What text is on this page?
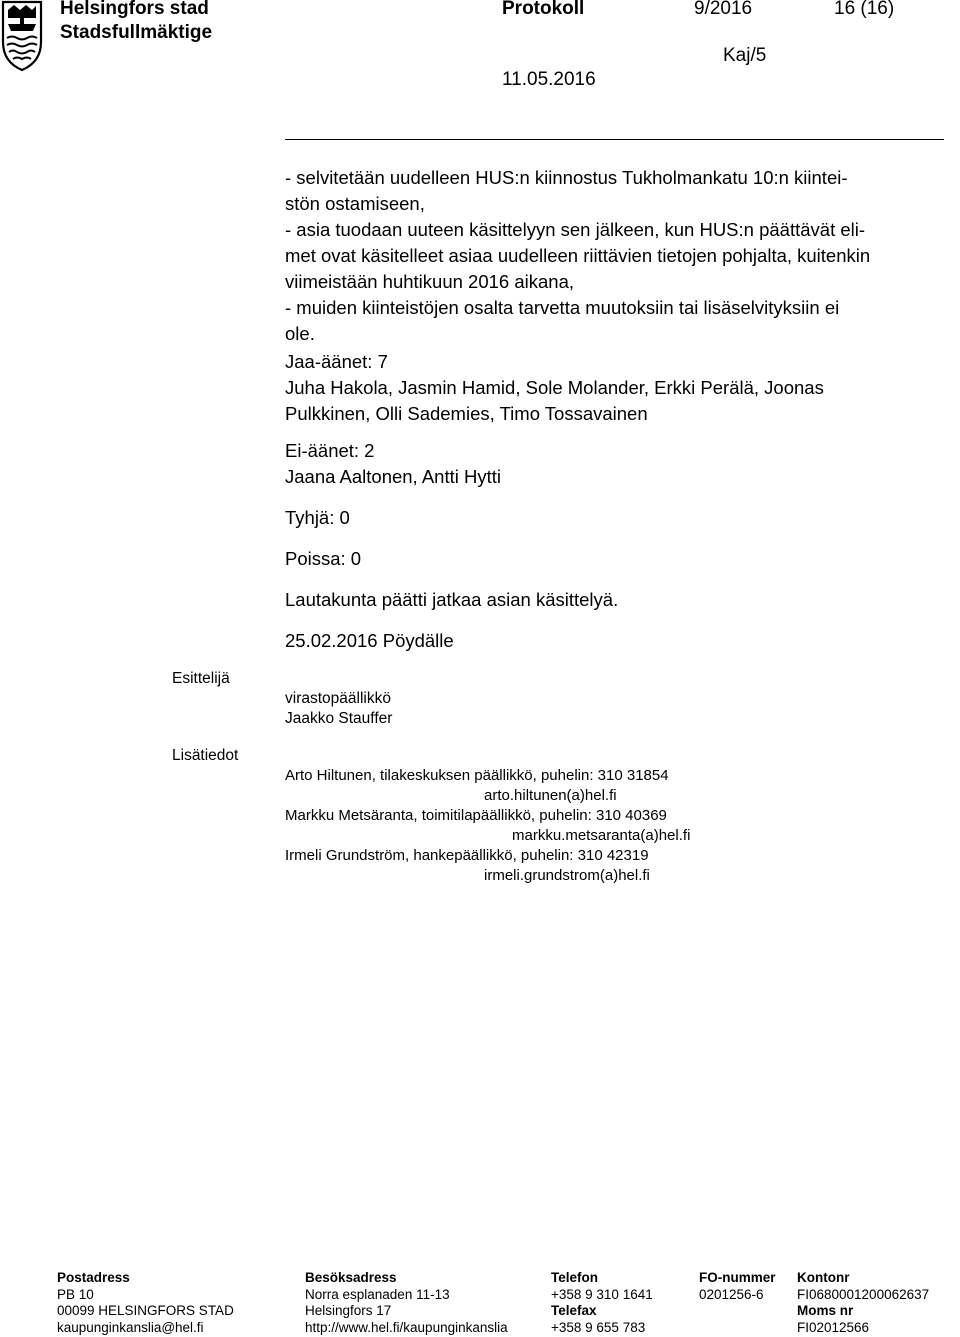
Helsingfors stad
Stadsfullmäktige
Protokoll	9/2016	16 (16)
Kaj/5
11.05.2016
- selvitetään uudelleen HUS:n kiinnostus Tukholmankatu 10:n kiintei-
stön ostamiseen,
- asia tuodaan uuteen käsittelyyn sen jälkeen, kun HUS:n päättävät eli-
met ovat käsitelleet asiaa uudelleen riittävien tietojen pohjalta, kuitenkin
viimeistään huhtikuun 2016 aikana,
- muiden kiinteistöjen osalta tarvetta muutoksiin tai lisäselvityksiin ei
ole.
Jaa-äänet: 7
Juha Hakola, Jasmin Hamid, Sole Molander, Erkki Perälä, Joonas
Pulkkinen, Olli Sademies, Timo Tossavainen
Ei-äänet: 2
Jaana Aaltonen, Antti Hytti
Tyhjä: 0
Poissa: 0
Lautakunta päätti jatkaa asian käsittelyä.
25.02.2016 Pöydälle
Esittelijä
virastopäällikkö
Jaakko Stauffer
Lisätiedot
Arto Hiltunen, tilakeskuksen päällikkö, puhelin: 310 31854
arto.hiltunen(a)hel.fi
Markku Metsäranta, toimitilapäällikkö, puhelin: 310 40369
markku.metsaranta(a)hel.fi
Irmeli Grundström, hankepäällikkö, puhelin: 310 42319
irmeli.grundstrom(a)hel.fi
Postadress
PB 10
00099 HELSINGFORS STAD
kaupunginkanslia@hel.fi
Besöksadress
Norra esplanaden 11-13
Helsingfors 17
http://www.hel.fi/kaupunginkanslia
Telefon
+358 9 310 1641
Telefax
+358 9 655 783
FO-nummer
0201256-6
Kontonr
FI0680001200062637
Moms nr
FI02012566
